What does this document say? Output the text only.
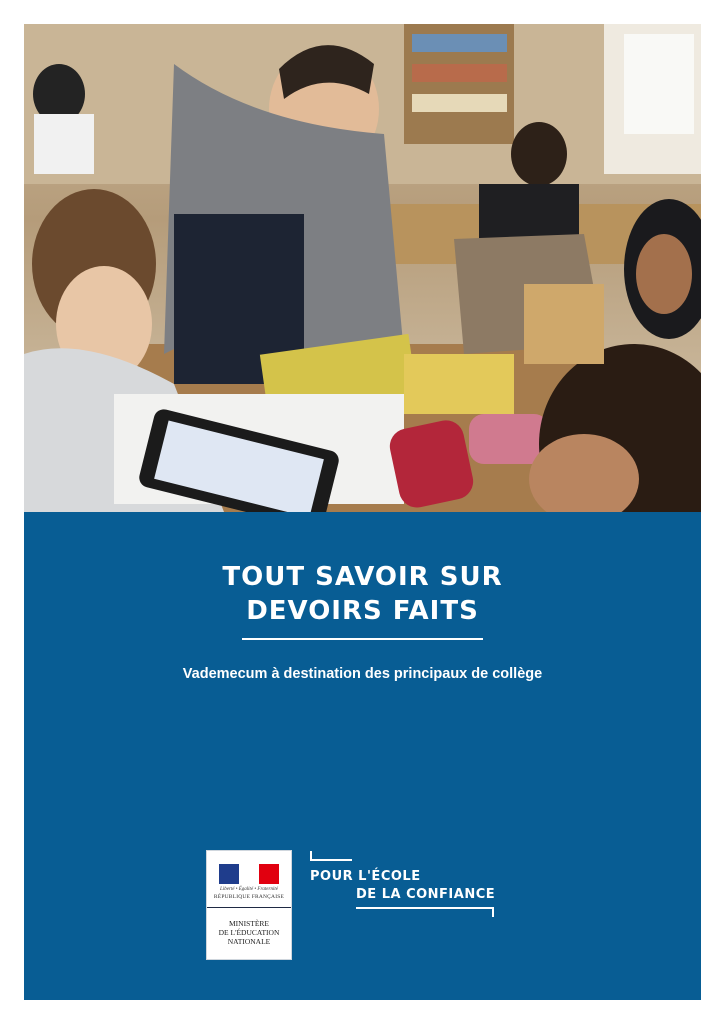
TOUT SAVOIR SUR
DEVOIRS FAITS
Vademecum à destination des principaux de collège
Liberté • Égalité • Fraternité
RÉPUBLIQUE FRANÇAISE
MINISTÈRE
DE L'ÉDUCATION
NATIONALE
POUR L'ÉCOLE
DE LA CONFIANCE
